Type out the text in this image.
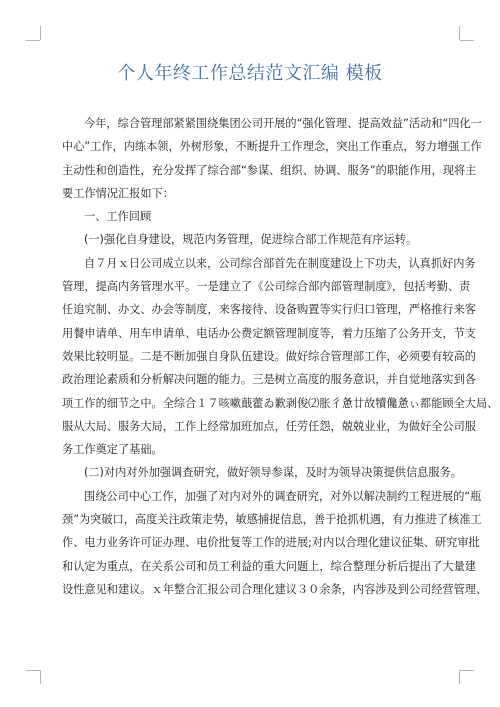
个人年终工作总结范文汇编 模板
今年，综合管理部紧紧围绕集团公司开展的“强化管理、提高效益”活动和“四化一
中心”工作，内练本领，外树形象，不断提升工作理念，突出工作重点，努力增强工作
主动性和创造性，充分发挥了综合部“参谋、组织、协调、服务”的职能作用，现将主
要工作情况汇报如下：
一、工作回顾
(一)强化自身建设，规范内务管理，促进综合部工作规范有序运转。
自７月ｘ日公司成立以来，公司综合部首先在制度建设上下功夫，认真抓好内务
管理，提高内务管理水平。一是建立了《公司综合部内部管理制度》，包括考勤、责
任追究制、办文、办会等制度，来客接待、设备购置等实行归口管理，严格推行来客
用餐申请单、用车申请单、电话办公费定额管理制度等，着力压缩了公务开支，节支
效果比较明显。二是不断加强自身队伍建设。做好综合管理部工作，必须要有较高的
政治理论素质和分析解决问题的能力。三是树立高度的服务意识，并自觉地落实到各
项工作的细节之中。全综合１７咳嗽蕺藿ゐ歉剥俊⑵胀彳惫廿故犢儳惫ぃ都能顾全大局、
服从大局、服务大局，工作上经常加班加点，任劳任怨，兢兢业业，为做好全公司服
务工作奠定了基础。
(二)对内对外加强调查研究，做好领导参谋，及时为领导决策提供信息服务。
围绕公司中心工作，加强了对内对外的调查研究，对外以解决制约工程进展的“瓶
颈”为突破口，高度关注政策走势，敏感捕捉信息，善于抢抓机遇，有力推进了核准工
作、电力业务许可证办理、电价批复等工作的进展;对内以合理化建议征集、研究审批
和认定为重点，在关系公司和员工利益的重大问题上，综合整理分析后提出了大量建
设性意见和建议。ｘ年整合汇报公司合理化建议３０余条，内容涉及到公司经营管理、
